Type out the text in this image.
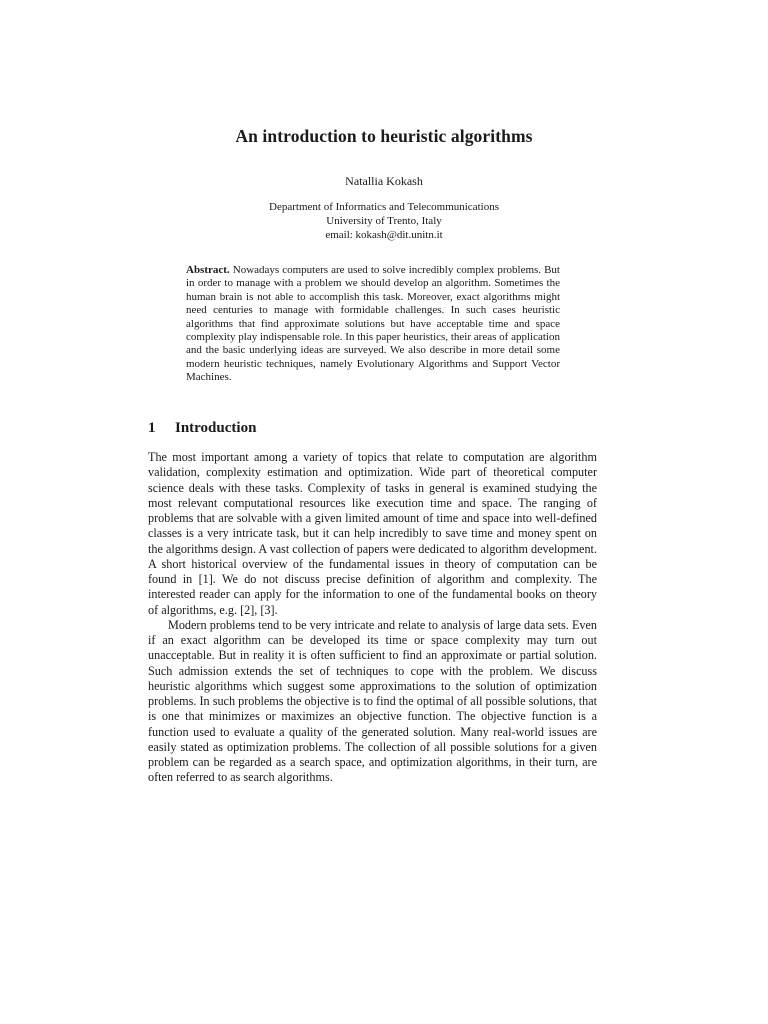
An introduction to heuristic algorithms
Natallia Kokash
Department of Informatics and Telecommunications
University of Trento, Italy
email: kokash@dit.unitn.it
Abstract. Nowadays computers are used to solve incredibly complex problems. But in order to manage with a problem we should develop an algorithm. Sometimes the human brain is not able to accomplish this task. Moreover, exact algorithms might need centuries to manage with formidable challenges. In such cases heuristic algorithms that find approximate solutions but have acceptable time and space complexity play indispensable role. In this paper heuristics, their areas of application and the basic underlying ideas are surveyed. We also describe in more detail some modern heuristic techniques, namely Evolutionary Algorithms and Support Vector Machines.
1 Introduction

The most important among a variety of topics that relate to computation are algorithm validation, complexity estimation and optimization. Wide part of theoretical computer science deals with these tasks. Complexity of tasks in general is examined studying the most relevant computational resources like execution time and space. The ranging of problems that are solvable with a given limited amount of time and space into well-defined classes is a very intricate task, but it can help incredibly to save time and money spent on the algorithms design. A vast collection of papers were dedicated to algorithm development. A short historical overview of the fundamental issues in theory of computation can be found in [1]. We do not discuss precise definition of algorithm and complexity. The interested reader can apply for the information to one of the fundamental books on theory of algorithms, e.g. [2], [3].

Modern problems tend to be very intricate and relate to analysis of large data sets. Even if an exact algorithm can be developed its time or space complexity may turn out unacceptable. But in reality it is often sufficient to find an approximate or partial solution. Such admission extends the set of techniques to cope with the problem. We discuss heuristic algorithms which suggest some approximations to the solution of optimization problems. In such problems the objective is to find the optimal of all possible solutions, that is one that minimizes or maximizes an objective function. The objective function is a function used to evaluate a quality of the generated solution. Many real-world issues are easily stated as optimization problems. The collection of all possible solutions for a given problem can be regarded as a search space, and optimization algorithms, in their turn, are often referred to as search algorithms.
